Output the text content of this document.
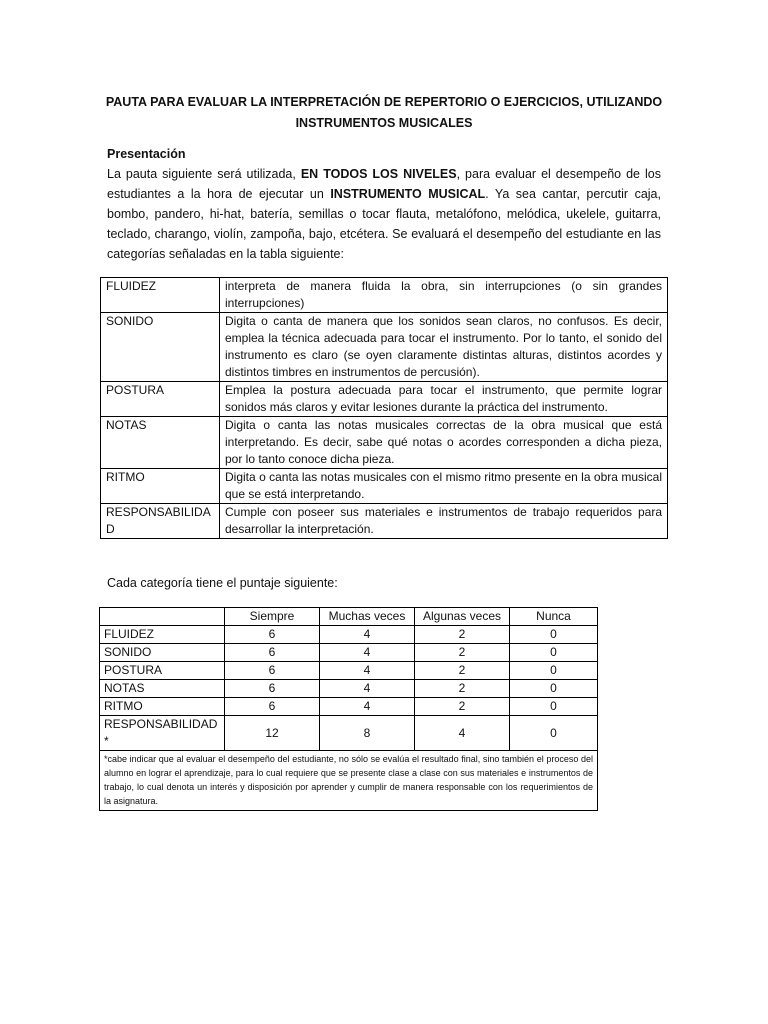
PAUTA PARA EVALUAR LA INTERPRETACIÓN DE REPERTORIO O EJERCICIOS, UTILIZANDO
INSTRUMENTOS MUSICALES
Presentación
La pauta siguiente será utilizada, EN TODOS LOS NIVELES, para evaluar el desempeño de los estudiantes a la hora de ejecutar un INSTRUMENTO MUSICAL. Ya sea cantar, percutir caja, bombo, pandero, hi-hat, batería, semillas o tocar flauta, metalófono, melódica, ukelele, guitarra, teclado, charango, violín, zampoña, bajo, etcétera. Se evaluará el desempeño del estudiante en las categorías señaladas en la tabla siguiente:
FLUIDEZ	interpreta de manera fluida la obra, sin interrupciones (o sin grandes interrupciones)
SONIDO	Digita o canta de manera que los sonidos sean claros, no confusos. Es decir, emplea la técnica adecuada para tocar el instrumento. Por lo tanto, el sonido del instrumento es claro (se oyen claramente distintas alturas, distintos acordes y distintos timbres en instrumentos de percusión).
POSTURA	Emplea la postura adecuada para tocar el instrumento, que permite lograr sonidos más claros y evitar lesiones durante la práctica del instrumento.
NOTAS	Digita o canta las notas musicales correctas de la obra musical que está interpretando. Es decir, sabe qué notas o acordes corresponden a dicha pieza, por lo tanto conoce dicha pieza.
RITMO	Digita o canta las notas musicales con el mismo ritmo presente en la obra musical que se está interpretando.
RESPONSABILIDAD	Cumple con poseer sus materiales e instrumentos de trabajo requeridos para desarrollar la interpretación.
Cada categoría tiene el puntaje siguiente:
	Siempre	Muchas veces	Algunas veces	Nunca
FLUIDEZ	6	4	2	0
SONIDO	6	4	2	0
POSTURA	6	4	2	0
NOTAS	6	4	2	0
RITMO	6	4	2	0
RESPONSABILIDAD *	12	8	4	0
*cabe indicar que al evaluar el desempeño del estudiante, no sólo se evalúa el resultado final, sino también el proceso del alumno en lograr el aprendizaje, para lo cual requiere que se presente clase a clase con sus materiales e instrumentos de trabajo, lo cual denota un interés y disposición por aprender y cumplir de manera responsable con los requerimientos de la asignatura.				
